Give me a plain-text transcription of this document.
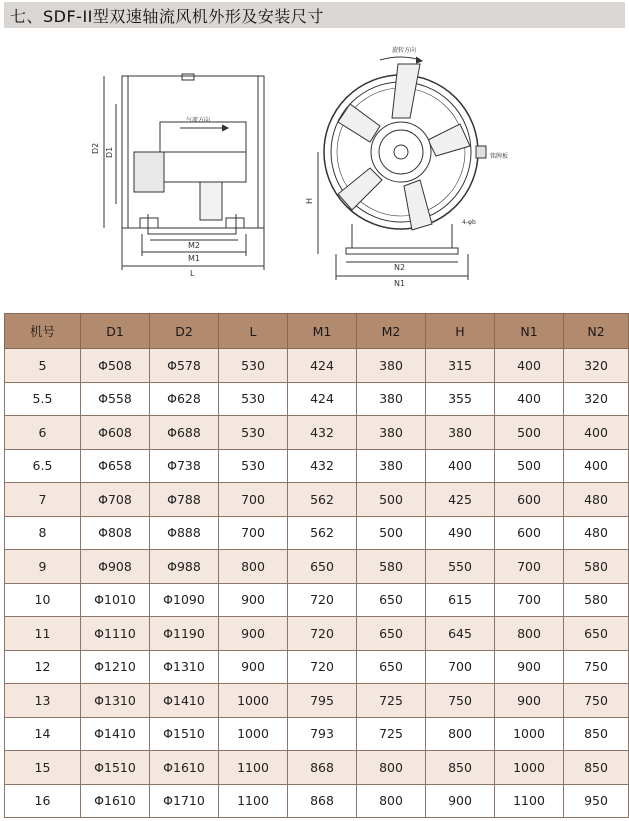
七、SDF-II型双速轴流风机外形及安装尺寸
D2 D1
M2
M1
L
气流方向
H
N2
N1
4-φb
旋转方向
铭牌板
机号	D1	D2	L	M1	M2	H	N1	N2
5	Φ508	Φ578	530	424	380	315	400	320
5.5	Φ558	Φ628	530	424	380	355	400	320
6	Φ608	Φ688	530	432	380	380	500	400
6.5	Φ658	Φ738	530	432	380	400	500	400
7	Φ708	Φ788	700	562	500	425	600	480
8	Φ808	Φ888	700	562	500	490	600	480
9	Φ908	Φ988	800	650	580	550	700	580
10	Φ1010	Φ1090	900	720	650	615	700	580
11	Φ1110	Φ1190	900	720	650	645	800	650
12	Φ1210	Φ1310	900	720	650	700	900	750
13	Φ1310	Φ1410	1000	795	725	750	900	750
14	Φ1410	Φ1510	1000	793	725	800	1000	850
15	Φ1510	Φ1610	1100	868	800	850	1000	850
16	Φ1610	Φ1710	1100	868	800	900	1100	950
